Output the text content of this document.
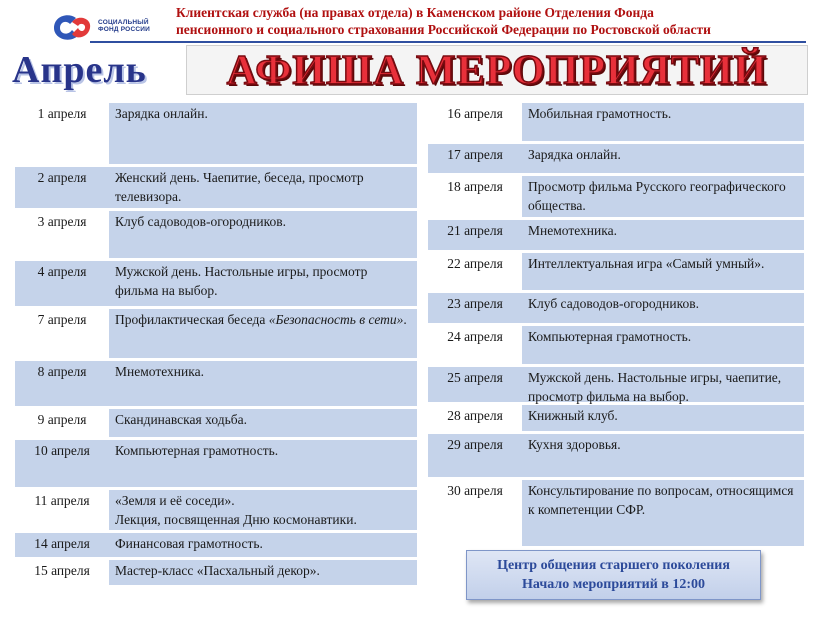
СОЦИАЛЬНЫЙ
ФОНД РОССИИ
Клиентская служба (на правах отдела) в Каменском районе Отделения Фонда
пенсионного и социального страхования Российской Федерации по Ростовской области
Апрель	АФИША МЕРОПРИЯТИЙ
1 апреля	Зарядка онлайн.
2 апреля	Женский день. Чаепитие, беседа, просмотр телевизора.
3 апреля	Клуб садоводов-огородников.
4 апреля	Мужской день. Настольные игры, просмотр фильма на выбор.
7 апреля	Профилактическая беседа «Безопасность в сети».
8 апреля	Мнемотехника.
9 апреля	Скандинавская ходьба.
10 апреля	Компьютерная грамотность.
11 апреля	«Земля и её соседи».
Лекция, посвященная Дню космонавтики.
14 апреля	Финансовая грамотность.
15 апреля	Мастер-класс «Пасхальный декор».
16 апреля	Мобильная грамотность.
17 апреля	Зарядка онлайн.
18 апреля	Просмотр фильма Русского географического общества.
21 апреля	Мнемотехника.
22 апреля	Интеллектуальная игра «Самый умный».
23 апреля	Клуб садоводов-огородников.
24 апреля	Компьютерная грамотность.
25 апреля	Мужской день. Настольные игры, чаепитие, просмотр фильма на выбор.
28 апреля	Книжный клуб.
29 апреля	Кухня здоровья.
30 апреля	Консультирование по вопросам, относящимся к компетенции СФР.
Центр общения старшего поколения
Начало мероприятий в 12:00
